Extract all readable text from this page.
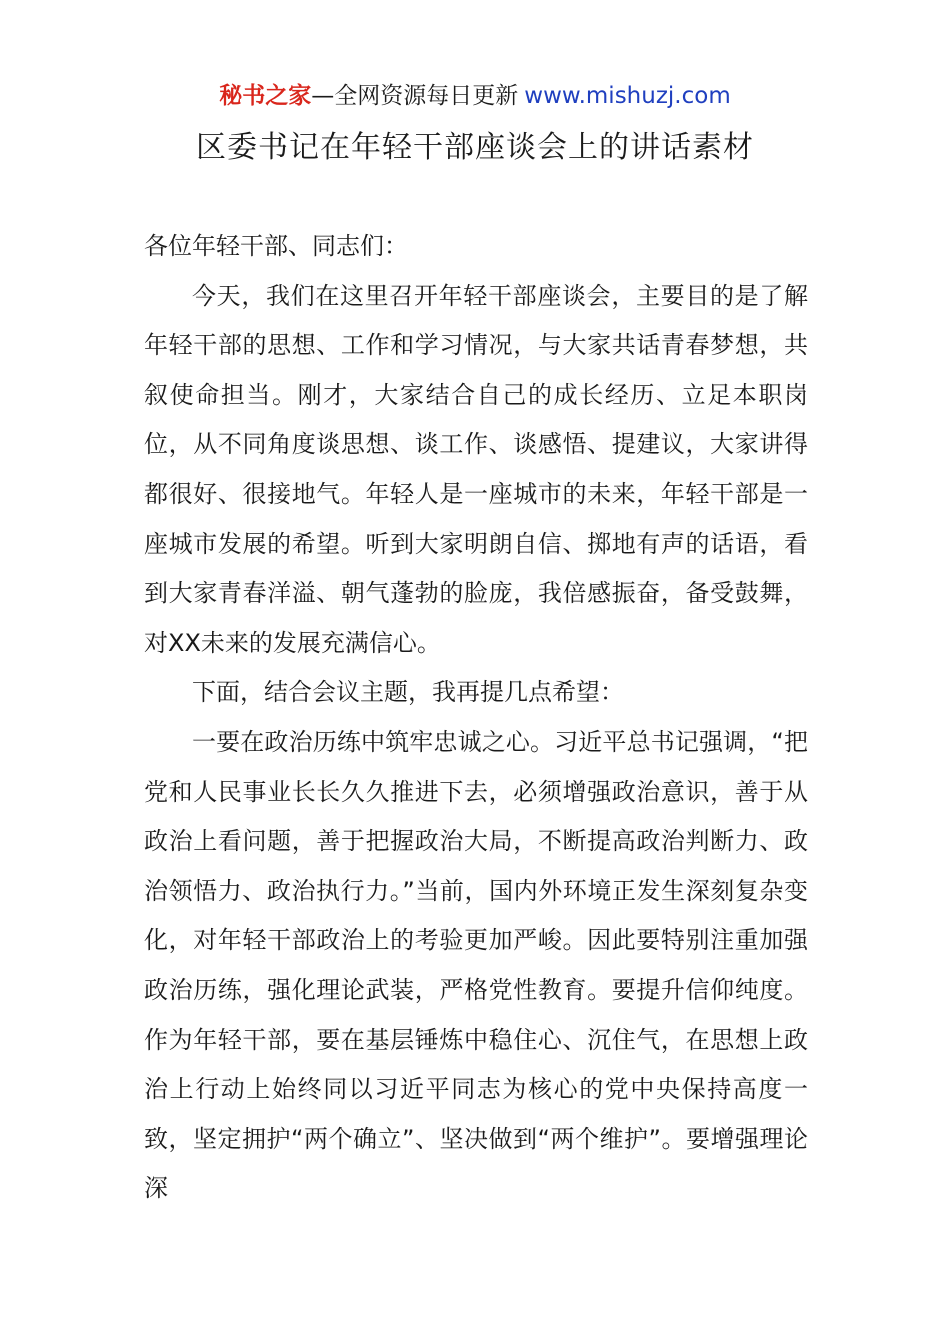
秘书之家—全网资源每日更新 www.mishuzj.com
区委书记在年轻干部座谈会上的讲话素材

各位年轻干部、同志们：

今天，我们在这里召开年轻干部座谈会，主要目的是了解年轻干部的思想、工作和学习情况，与大家共话青春梦想，共叙使命担当。刚才，大家结合自己的成长经历、立足本职岗位，从不同角度谈思想、谈工作、谈感悟、提建议，大家讲得都很好、很接地气。年轻人是一座城市的未来，年轻干部是一座城市发展的希望。听到大家明朗自信、掷地有声的话语，看到大家青春洋溢、朝气蓬勃的脸庞，我倍感振奋，备受鼓舞，对XX未来的发展充满信心。

下面，结合会议主题，我再提几点希望：

一要在政治历练中筑牢忠诚之心。习近平总书记强调，“把党和人民事业长长久久推进下去，必须增强政治意识，善于从政治上看问题，善于把握政治大局，不断提高政治判断力、政治领悟力、政治执行力。”当前，国内外环境正发生深刻复杂变化，对年轻干部政治上的考验更加严峻。因此要特别注重加强政治历练，强化理论武装，严格党性教育。要提升信仰纯度。作为年轻干部，要在基层锤炼中稳住心、沉住气，在思想上政治上行动上始终同以习近平同志为核心的党中央保持高度一致，坚定拥护“两个确立”、坚决做到“两个维护”。要增强理论深
